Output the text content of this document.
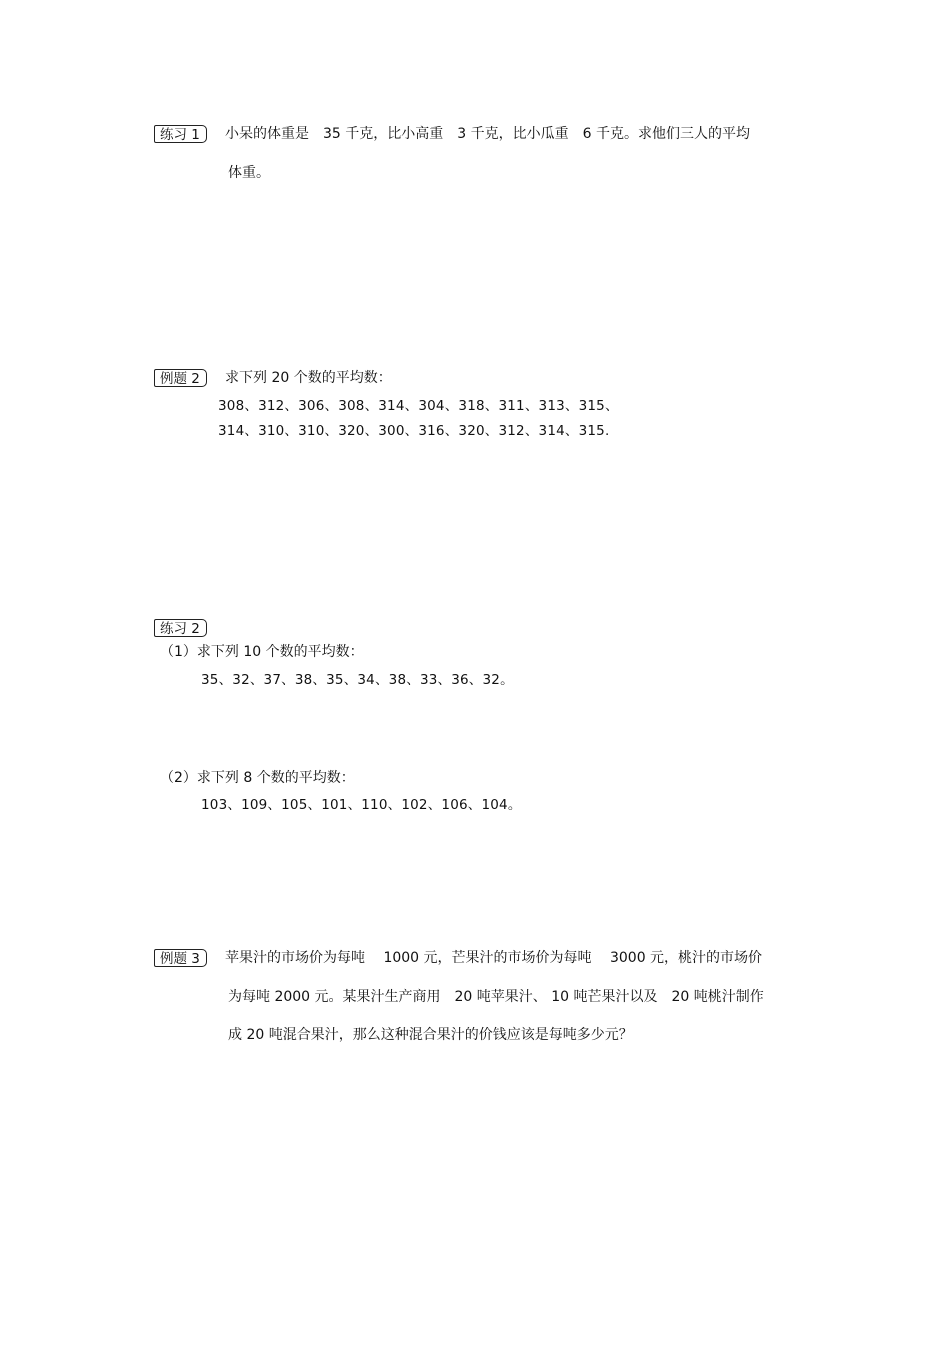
练习 1	小呆的体重是　35 千克，比小高重　3 千克，比小瓜重　6 千克。求他们三人的平均
体重。
例题 2	求下列 20 个数的平均数：
308、312、306、308、314、304、318、311、313、315、
314、310、310、320、300、316、320、312、314、315.
练习 2
（1）求下列 10 个数的平均数：
35、32、37、38、35、34、38、33、36、32。
（2）求下列 8 个数的平均数：
103、109、105、101、110、102、106、104。
例题 3	苹果汁的市场价为每吨　 1000 元，芒果汁的市场价为每吨　 3000 元，桃汁的市场价
为每吨 2000 元。某果汁生产商用　20 吨苹果汁、 10 吨芒果汁以及　20 吨桃汁制作
成 20 吨混合果汁，那么这种混合果汁的价钱应该是每吨多少元？
